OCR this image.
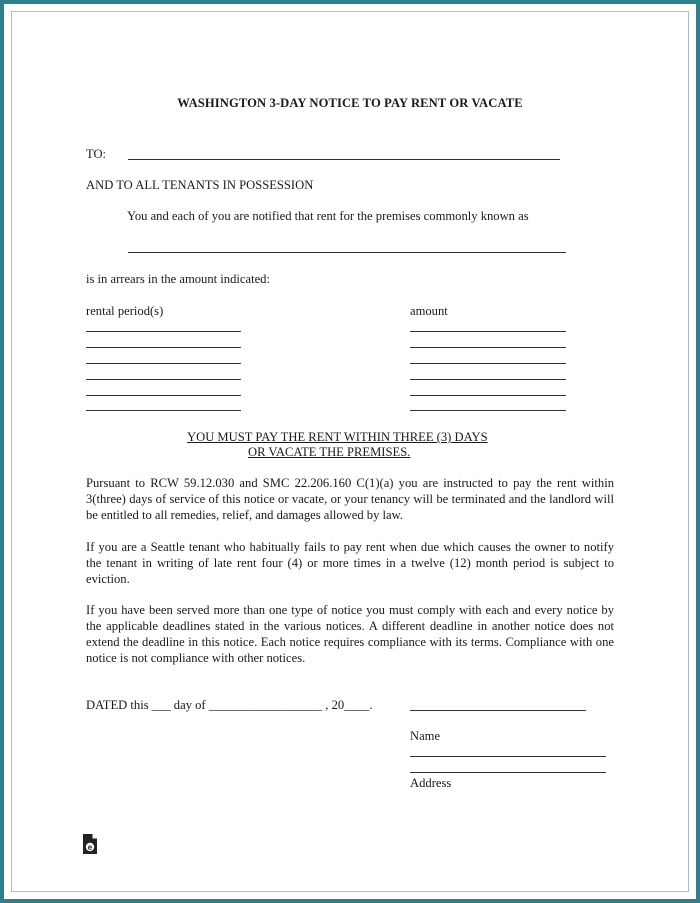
WASHINGTON 3-DAY NOTICE TO PAY RENT OR VACATE
TO:
AND TO ALL TENANTS IN POSSESSION
You and each of you are notified that rent for the premises commonly known as
is in arrears in the amount indicated:
rental period(s)	amount
YOU MUST PAY THE RENT WITHIN THREE (3) DAYS
OR VACATE THE PREMISES.
Pursuant to RCW 59.12.030 and SMC 22.206.160 C(1)(a) you are instructed to pay the rent within 3(three) days of service of this notice or vacate, or your tenancy will be terminated and the landlord will be entitled to all remedies, relief, and damages allowed by law.
If you are a Seattle tenant who habitually fails to pay rent when due which causes the owner to notify the tenant in writing of late rent four (4) or more times in a twelve (12) month period is subject to eviction.
If you have been served more than one type of notice you must comply with each and every notice by the applicable deadlines stated in the various notices. A different deadline in another notice does not extend the deadline in this notice. Each notice requires compliance with its terms. Compliance with one notice is not compliance with other notices.
DATED this ___ day of __________________ , 20____.
Name
Address
e
